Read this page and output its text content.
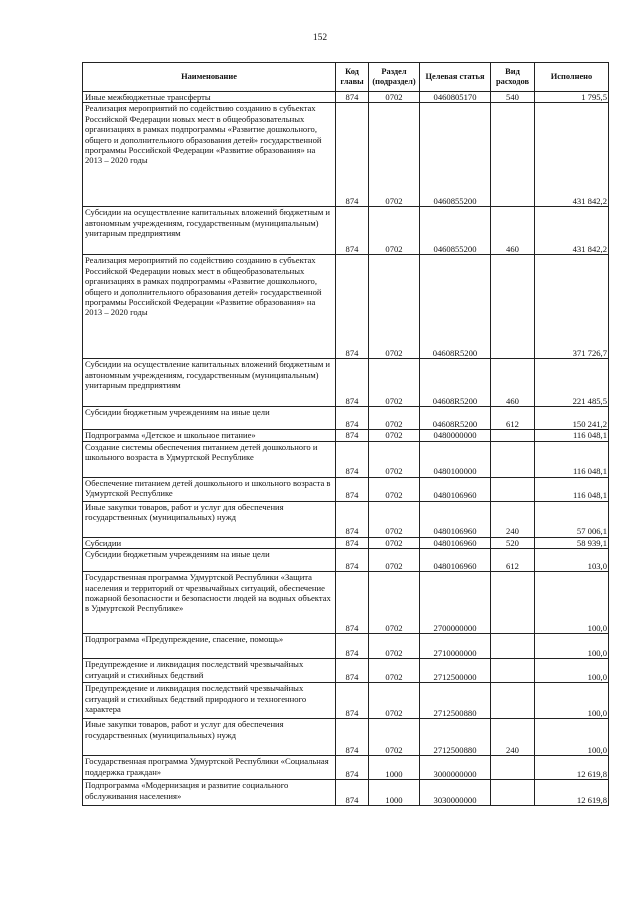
152
Наименование	Код главы	Раздел (подраздел)	Целевая статья	Вид расходов	Исполнено
Иные межбюджетные трансферты	874	0702	0460805170	540	1 795,5
Реализация мероприятий по содействию созданию в субъектах Российской Федерации новых мест в общеобразовательных организациях в рамках подпрограммы «Развитие дошкольного, общего и дополнительного образования детей» государственной программы Российской Федерации «Развитие образования» на 2013 – 2020 годы	874	0702	0460855200		431 842,2
Субсидии на осуществление капитальных вложений бюджетным и автономным учреждениям, государственным (муниципальным) унитарным предприятиям	874	0702	0460855200	460	431 842,2
Реализация мероприятий по содействию созданию в субъектах Российской Федерации новых мест в общеобразовательных организациях в рамках подпрограммы «Развитие дошкольного, общего и дополнительного образования детей» государственной программы Российской Федерации «Развитие образования» на 2013 – 2020 годы	874	0702	04608R5200		371 726,7
Субсидии на осуществление капитальных вложений бюджетным и автономным учреждениям, государственным (муниципальным) унитарным предприятиям	874	0702	04608R5200	460	221 485,5
Субсидии бюджетным учреждениям на иные цели	874	0702	04608R5200	612	150 241,2
Подпрограмма «Детское и школьное питание»	874	0702	0480000000		116 048,1
Создание системы обеспечения питанием детей дошкольного и школьного возраста в Удмуртской Республике	874	0702	0480100000		116 048,1
Обеспечение питанием детей дошкольного и школьного возраста в Удмуртской Республике	874	0702	0480106960		116 048,1
Иные закупки товаров, работ и услуг для обеспечения государственных (муниципальных) нужд	874	0702	0480106960	240	57 006,1
Субсидии	874	0702	0480106960	520	58 939,1
Субсидии бюджетным учреждениям на иные цели	874	0702	0480106960	612	103,0
Государственная программа Удмуртской Республики «Защита населения и территорий от чрезвычайных ситуаций, обеспечение пожарной безопасности и безопасности людей на водных объектах в Удмуртской Республике»	874	0702	2700000000		100,0
Подпрограмма «Предупреждение, спасение, помощь»	874	0702	2710000000		100,0
Предупреждение и ликвидация последствий чрезвычайных ситуаций и стихийных бедствий	874	0702	2712500000		100,0
Предупреждение и ликвидация последствий чрезвычайных ситуаций и стихийных бедствий природного и техногенного характера	874	0702	2712500880		100,0
Иные закупки товаров, работ и услуг для обеспечения государственных (муниципальных) нужд	874	0702	2712500880	240	100,0
Государственная программа Удмуртской Республики «Социальная поддержка граждан»	874	1000	3000000000		12 619,8
Подпрограмма «Модернизация и развитие социального обслуживания населения»	874	1000	3030000000		12 619,8
